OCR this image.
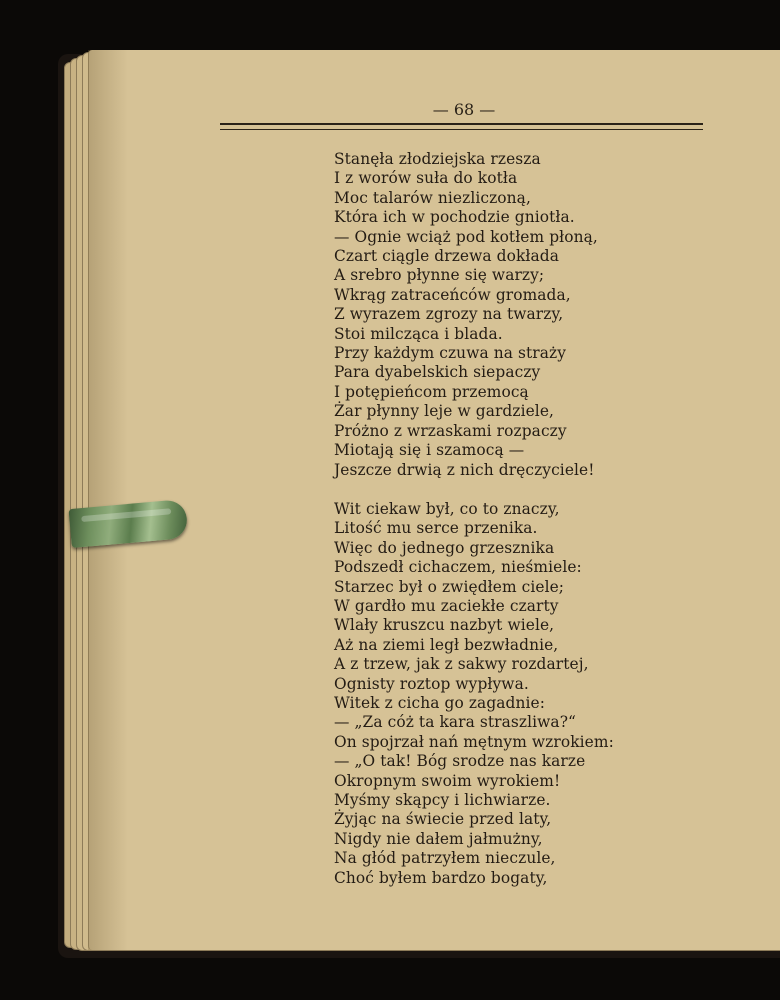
— 68 —
Stanęła złodziejska rzesza
I z worów suła do kotła
Moc talarów niezliczoną,
Która ich w pochodzie gniotła.
— Ognie wciąż pod kotłem płoną,
Czart ciągle drzewa dokłada
A srebro płynne się warzy;
Wkrąg zatraceńców gromada,
Z wyrazem zgrozy na twarzy,
Stoi milcząca i blada.
Przy każdym czuwa na straży
Para dyabelskich siepaczy
I potępieńcom przemocą
Żar płynny leje w gardziele,
Próżno z wrzaskami rozpaczy
Miotają się i szamocą —
Jeszcze drwią z nich dręczyciele!
Wit ciekaw był, co to znaczy,
Litość mu serce przenika.
Więc do jednego grzesznika
Podszedł cichaczem, nieśmiele:
Starzec był o zwiędłem ciele;
W gardło mu zaciekłe czarty
Wlały kruszcu nazbyt wiele,
Aż na ziemi legł bezwładnie,
A z trzew, jak z sakwy rozdartej,
Ognisty roztop wypływa.
Witek z cicha go zagadnie:
— „Za cóż ta kara straszliwa?“
On spojrzał nań mętnym wzrokiem:
— „O tak! Bóg srodze nas karze
Okropnym swoim wyrokiem!
Myśmy skąpcy i lichwiarze.
Żyjąc na świecie przed laty,
Nigdy nie dałem jałmużny,
Na głód patrzyłem nieczule,
Choć byłem bardzo bogaty,
